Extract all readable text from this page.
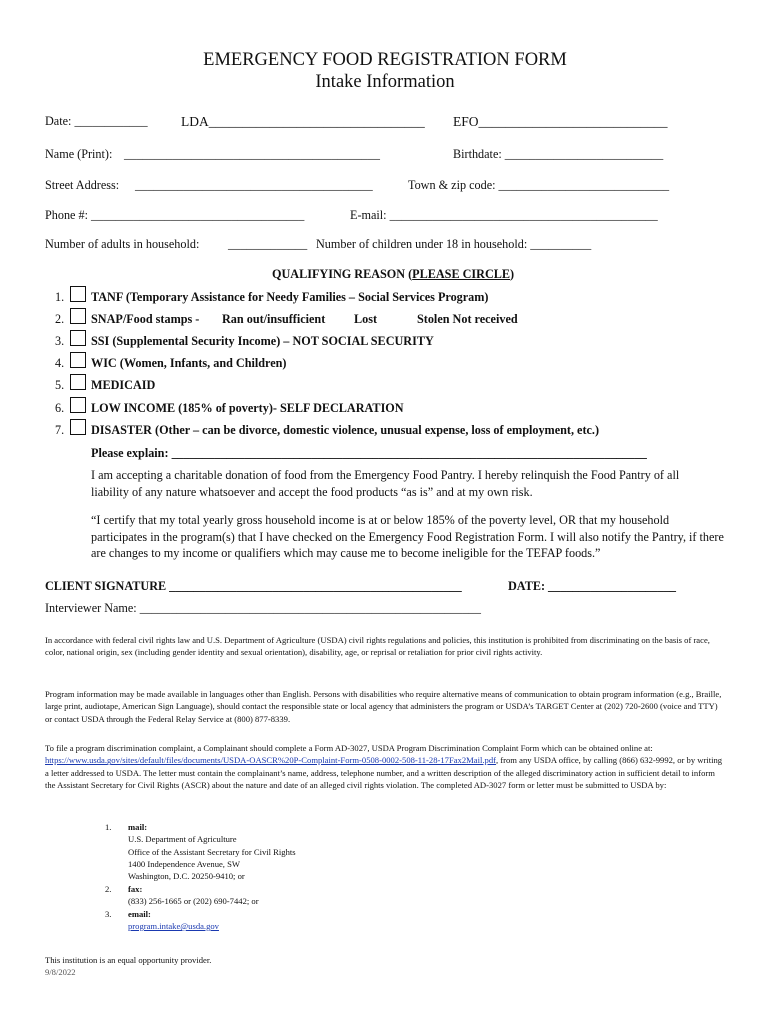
EMERGENCY FOOD REGISTRATION FORM
Intake Information
Date: ____________ LDA________________________________ EFO____________________________
Name (Print): __________________________________________	Birthdate: __________________________
Street Address: _______________________________________	Town & zip code: ____________________________
Phone #: ___________________________________	E-mail: ____________________________________________
Number of adults in household: _____________ Number of children under 18 in household: __________
QUALIFYING REASON (PLEASE CIRCLE)
1. TANF (Temporary Assistance for Needy Families – Social Services Program)
2. SNAP/Food stamps - Ran out/insufficient Lost	Stolen Not received
3. SSI (Supplemental Security Income) – NOT SOCIAL SECURITY
4. WIC (Women, Infants, and Children)
5. MEDICAID
6. LOW INCOME (185% of poverty)- SELF DECLARATION
7. DISASTER (Other – can be divorce, domestic violence, unusual expense, loss of employment, etc.)
Please explain: ______________________________________________________________________________
I am accepting a charitable donation of food from the Emergency Food Pantry. I hereby relinquish the Food Pantry of all liability of any nature whatsoever and accept the food products “as is” and at my own risk.
“I certify that my total yearly gross household income is at or below 185% of the poverty level, OR that my household participates in the program(s) that I have checked on the Emergency Food Registration Form. I will also notify the Pantry, if there are changes to my income or qualifiers which may cause me to become ineligible for the TEFAP foods.”
CLIENT SIGNATURE ________________________________________________	DATE: _____________________
Interviewer Name: ________________________________________________________
In accordance with federal civil rights law and U.S. Department of Agriculture (USDA) civil rights regulations and policies, this institution is prohibited from discriminating on the basis of race, color, national origin, sex (including gender identity and sexual orientation), disability, age, or reprisal or retaliation for prior civil rights activity.
Program information may be made available in languages other than English. Persons with disabilities who require alternative means of communication to obtain program information (e.g., Braille, large print, audiotape, American Sign Language), should contact the responsible state or local agency that administers the program or USDA’s TARGET Center at (202) 720-2600 (voice and TTY) or contact USDA through the Federal Relay Service at (800) 877-8339.
To file a program discrimination complaint, a Complainant should complete a Form AD-3027, USDA Program Discrimination Complaint Form which can be obtained online at: https://www.usda.gov/sites/default/files/documents/USDA-OASCR%20P-Complaint-Form-0508-0002-508-11-28-17Fax2Mail.pdf, from any USDA office, by calling (866) 632-9992, or by writing a letter addressed to USDA. The letter must contain the complainant’s name, address, telephone number, and a written description of the alleged discriminatory action in sufficient detail to inform the Assistant Secretary for Civil Rights (ASCR) about the nature and date of an alleged civil rights violation. The completed AD-3027 form or letter must be submitted to USDA by:
1. mail:
U.S. Department of Agriculture
Office of the Assistant Secretary for Civil Rights
1400 Independence Avenue, SW
Washington, D.C. 20250-9410; or
2. fax:
(833) 256-1665 or (202) 690-7442; or
3. email:
program.intake@usda.gov
This institution is an equal opportunity provider.
9/8/2022
